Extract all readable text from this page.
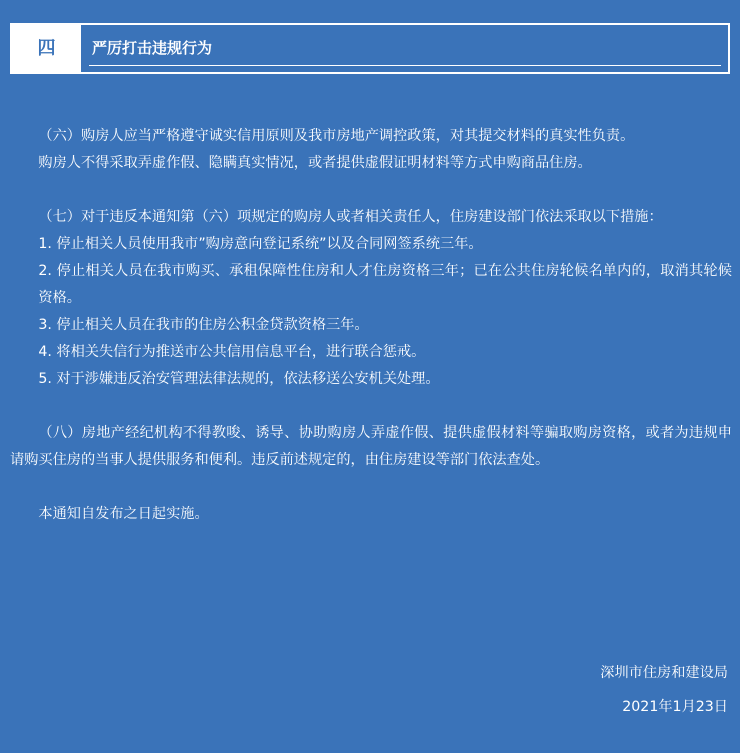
四	严厉打击违规行为

（六）购房人应当严格遵守诚实信用原则及我市房地产调控政策，对其提交材料的真实性负责。

购房人不得采取弄虚作假、隐瞒真实情况，或者提供虚假证明材料等方式申购商品住房。

（七）对于违反本通知第（六）项规定的购房人或者相关责任人，住房建设部门依法采取以下措施：

1. 停止相关人员使用我市”购房意向登记系统”以及合同网签系统三年。

2. 停止相关人员在我市购买、承租保障性住房和人才住房资格三年；已在公共住房轮候名单内的，取消其轮候资格。

3. 停止相关人员在我市的住房公积金贷款资格三年。

4. 将相关失信行为推送市公共信用信息平台，进行联合惩戒。

5. 对于涉嫌违反治安管理法律法规的，依法移送公安机关处理。

（八）房地产经纪机构不得教唆、诱导、协助购房人弄虚作假、提供虚假材料等骗取购房资格，或者为违规申请购买住房的当事人提供服务和便利。违反前述规定的，由住房建设等部门依法查处。

本通知自发布之日起实施。

深圳市住房和建设局
2021年1月23日
